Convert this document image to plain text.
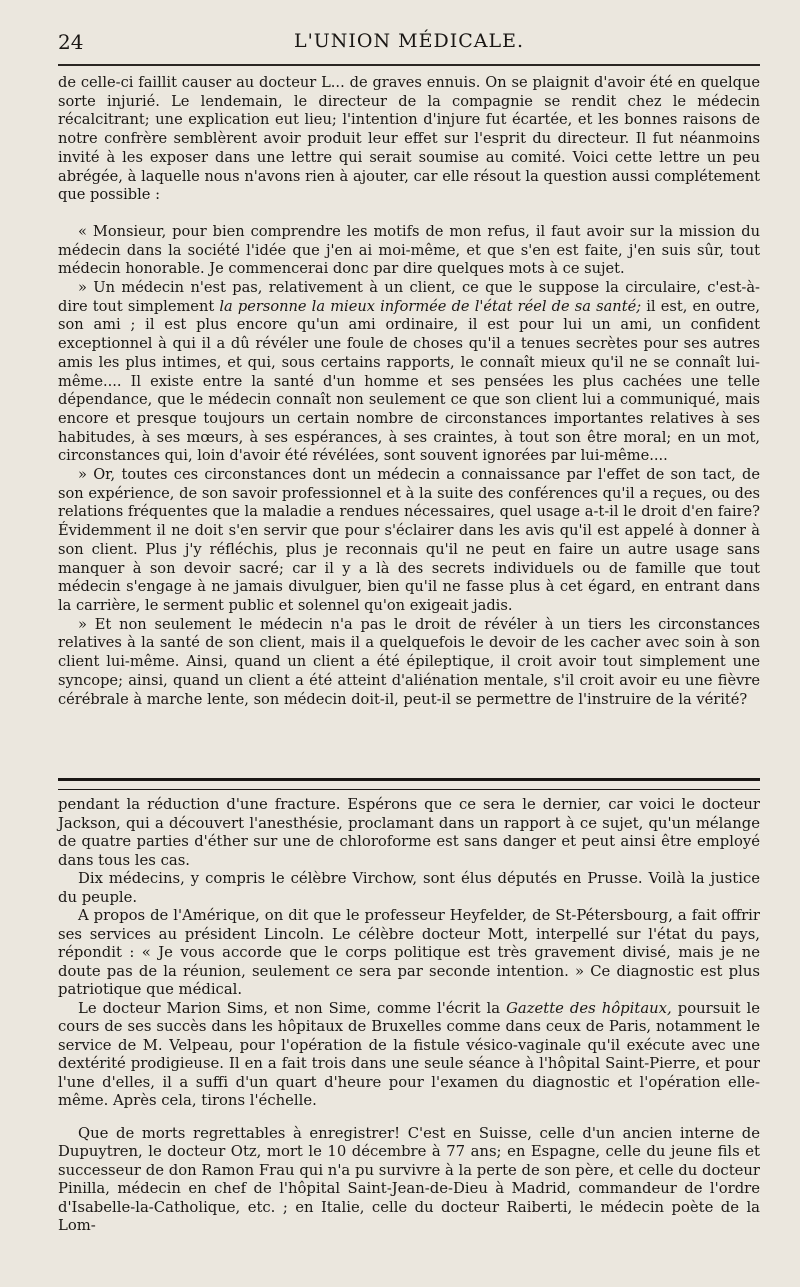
24	L'UNION MÉDICALE.

de celle-ci faillit causer au docteur L... de graves ennuis. On se plaignit d'avoir été en quelque sorte injurié. Le lendemain, le directeur de la compagnie se rendit chez le médecin récalcitrant; une explication eut lieu; l'intention d'injure fut écartée, et les bonnes raisons de notre confrère semblèrent avoir produit leur effet sur l'esprit du directeur. Il fut néanmoins invité à les exposer dans une lettre qui serait soumise au comité. Voici cette lettre un peu abrégée, à laquelle nous n'avons rien à ajouter, car elle résout la question aussi complétement que possible :

« Monsieur, pour bien comprendre les motifs de mon refus, il faut avoir sur la mission du médecin dans la société l'idée que j'en ai moi-même, et que s'en est faite, j'en suis sûr, tout médecin honorable. Je commencerai donc par dire quelques mots à ce sujet.

» Un médecin n'est pas, relativement à un client, ce que le suppose la circulaire, c'est-à-dire tout simplement la personne la mieux informée de l'état réel de sa santé; il est, en outre, son ami ; il est plus encore qu'un ami ordinaire, il est pour lui un ami, un confident exceptionnel à qui il a dû révéler une foule de choses qu'il a tenues secrètes pour ses autres amis les plus intimes, et qui, sous certains rapports, le connaît mieux qu'il ne se connaît lui-même.... Il existe entre la santé d'un homme et ses pensées les plus cachées une telle dépendance, que le médecin connaît non seulement ce que son client lui a communiqué, mais encore et presque toujours un certain nombre de circonstances importantes relatives à ses habitudes, à ses mœurs, à ses espérances, à ses craintes, à tout son être moral; en un mot, circonstances qui, loin d'avoir été révélées, sont souvent ignorées par lui-même....

» Or, toutes ces circonstances dont un médecin a connaissance par l'effet de son tact, de son expérience, de son savoir professionnel et à la suite des conférences qu'il a reçues, ou des relations fréquentes que la maladie a rendues nécessaires, quel usage a-t-il le droit d'en faire? Évidemment il ne doit s'en servir que pour s'éclairer dans les avis qu'il est appelé à donner à son client. Plus j'y réfléchis, plus je reconnais qu'il ne peut en faire un autre usage sans manquer à son devoir sacré; car il y a là des secrets individuels ou de famille que tout médecin s'engage à ne jamais divulguer, bien qu'il ne fasse plus à cet égard, en entrant dans la carrière, le serment public et solennel qu'on exigeait jadis.

» Et non seulement le médecin n'a pas le droit de révéler à un tiers les circonstances relatives à la santé de son client, mais il a quelquefois le devoir de les cacher avec soin à son client lui-même. Ainsi, quand un client a été épileptique, il croit avoir tout simplement une syncope; ainsi, quand un client a été atteint d'aliénation mentale, s'il croit avoir eu une fièvre cérébrale à marche lente, son médecin doit-il, peut-il se permettre de l'instruire de la vérité?

pendant la réduction d'une fracture. Espérons que ce sera le dernier, car voici le docteur Jackson, qui a découvert l'anesthésie, proclamant dans un rapport à ce sujet, qu'un mélange de quatre parties d'éther sur une de chloroforme est sans danger et peut ainsi être employé dans tous les cas.

Dix médecins, y compris le célèbre Virchow, sont élus députés en Prusse. Voilà la justice du peuple.

A propos de l'Amérique, on dit que le professeur Heyfelder, de St-Pétersbourg, a fait offrir ses services au président Lincoln. Le célèbre docteur Mott, interpellé sur l'état du pays, répondit : « Je vous accorde que le corps politique est très gravement divisé, mais je ne doute pas de la réunion, seulement ce sera par seconde intention. » Ce diagnostic est plus patriotique que médical.

Le docteur Marion Sims, et non Sime, comme l'écrit la Gazette des hôpitaux, poursuit le cours de ses succès dans les hôpitaux de Bruxelles comme dans ceux de Paris, notamment le service de M. Velpeau, pour l'opération de la fistule vésico-vaginale qu'il exécute avec une dextérité prodigieuse. Il en a fait trois dans une seule séance à l'hôpital Saint-Pierre, et pour l'une d'elles, il a suffi d'un quart d'heure pour l'examen du diagnostic et l'opération elle-même. Après cela, tirons l'échelle.

Que de morts regrettables à enregistrer! C'est en Suisse, celle d'un ancien interne de Dupuytren, le docteur Otz, mort le 10 décembre à 77 ans; en Espagne, celle du jeune fils et successeur de don Ramon Frau qui n'a pu survivre à la perte de son père, et celle du docteur Pinilla, médecin en chef de l'hôpital Saint-Jean-de-Dieu à Madrid, commandeur de l'ordre d'Isabelle-la-Catholique, etc. ; en Italie, celle du docteur Raiberti, le médecin poète de la Lom-
